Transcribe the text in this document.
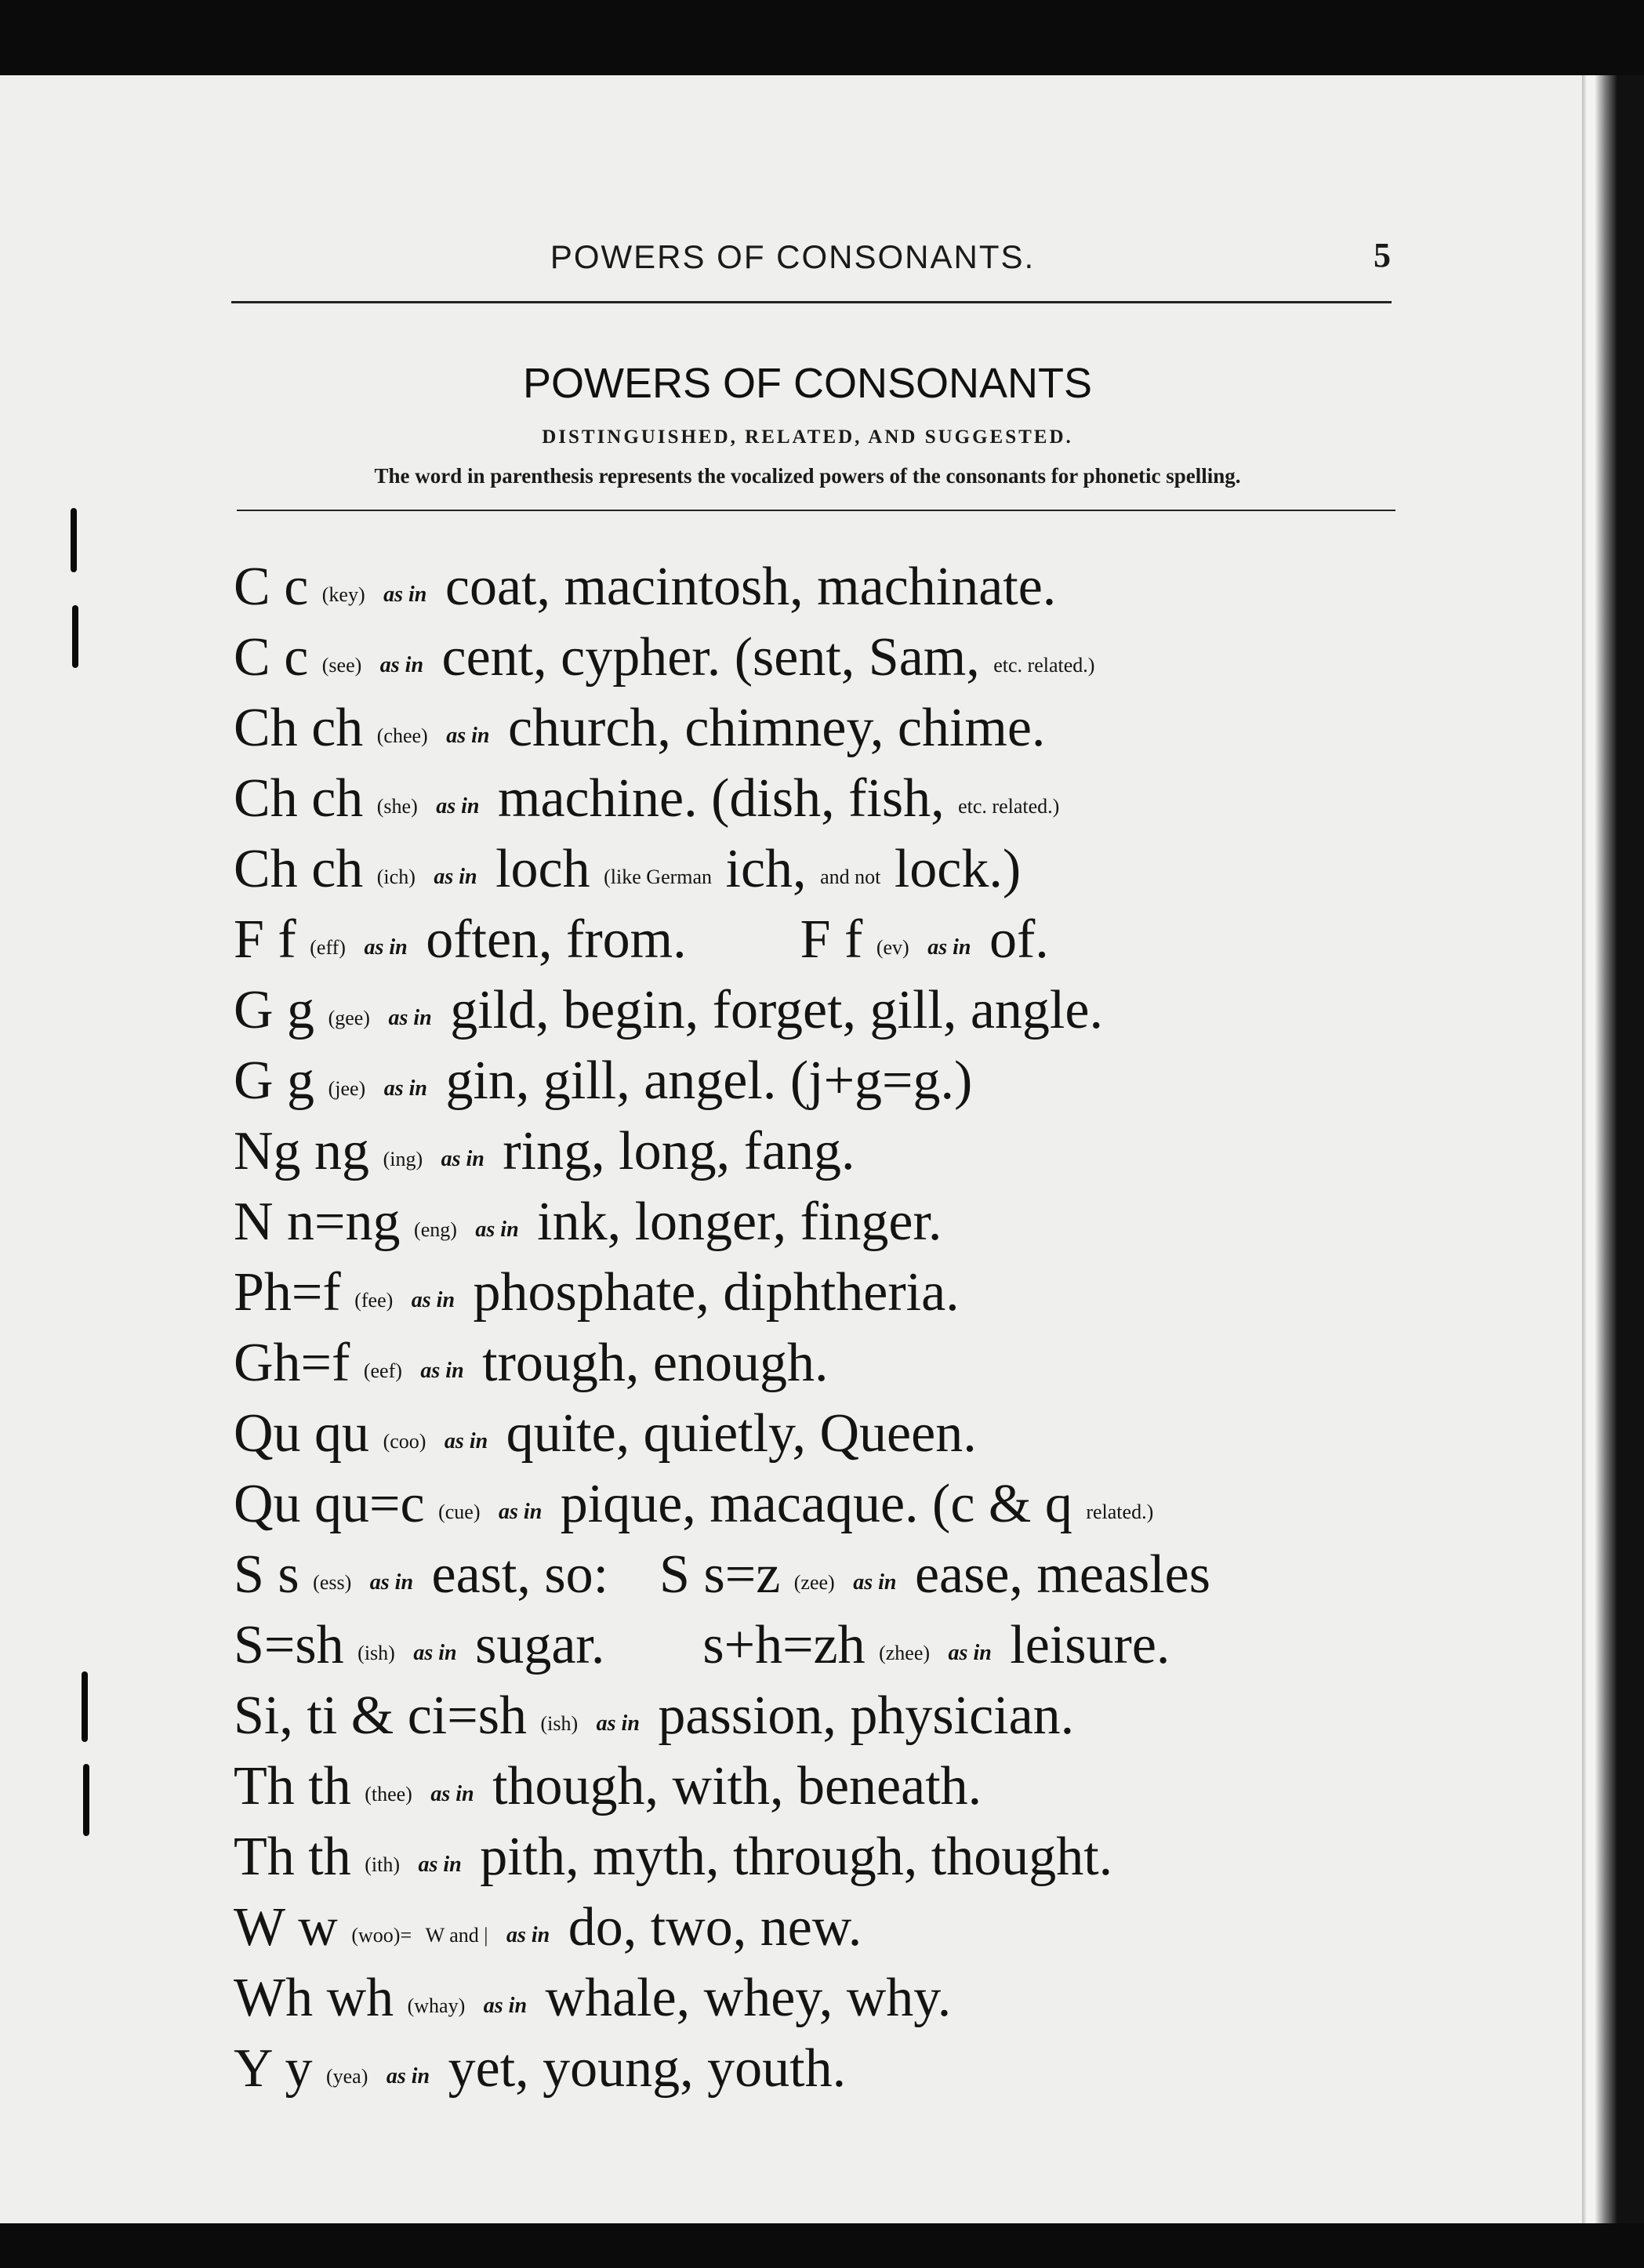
POWERS OF CONSONANTS.	5
POWERS OF CONSONANTS
DISTINGUISHED, RELATED, AND SUGGESTED.
The word in parenthesis represents the vocalized powers of the consonants for phonetic spelling.
C c (key) as in coat, macintosh, machinate.
C c (see) as in cent, cypher. (sent, Sam, etc. related.)
Ch ch (chee) as in church, chimney, chime.
Ch ch (she) as in machine. (dish, fish, etc. related.)
Ch ch (ich) as in loch (like German ich, and not lock.)
F f (eff) as in often, from. F f (ev) as in of.
G g (gee) as in gild, begin, forget, gill, angle.
G g (jee) as in gin, gill, angel. (j+g=g.)
Ng ng (ing) as in ring, long, fang.
N n=ng (eng) as in ink, longer, finger.
Ph=f (fee) as in phosphate, diphtheria.
Gh=f (eef) as in trough, enough.
Qu qu (coo) as in quite, quietly, Queen.
Qu qu=c (cue) as in pique, macaque. (c & q related.)
S s (ess) as in east, so: S s=z (zee) as in ease, measles
S=sh (ish) as in sugar. s+h=zh (zhee) as in leisure.
Si, ti & ci=sh (ish) as in passion, physician.
Th th (thee) as in though, with, beneath.
Th th (ith) as in pith, myth, through, thought.
W w (woo)= W and | as in do, two, new.
Wh wh (whay) as in whale, whey, why.
Y y (yea) as in yet, young, youth.
